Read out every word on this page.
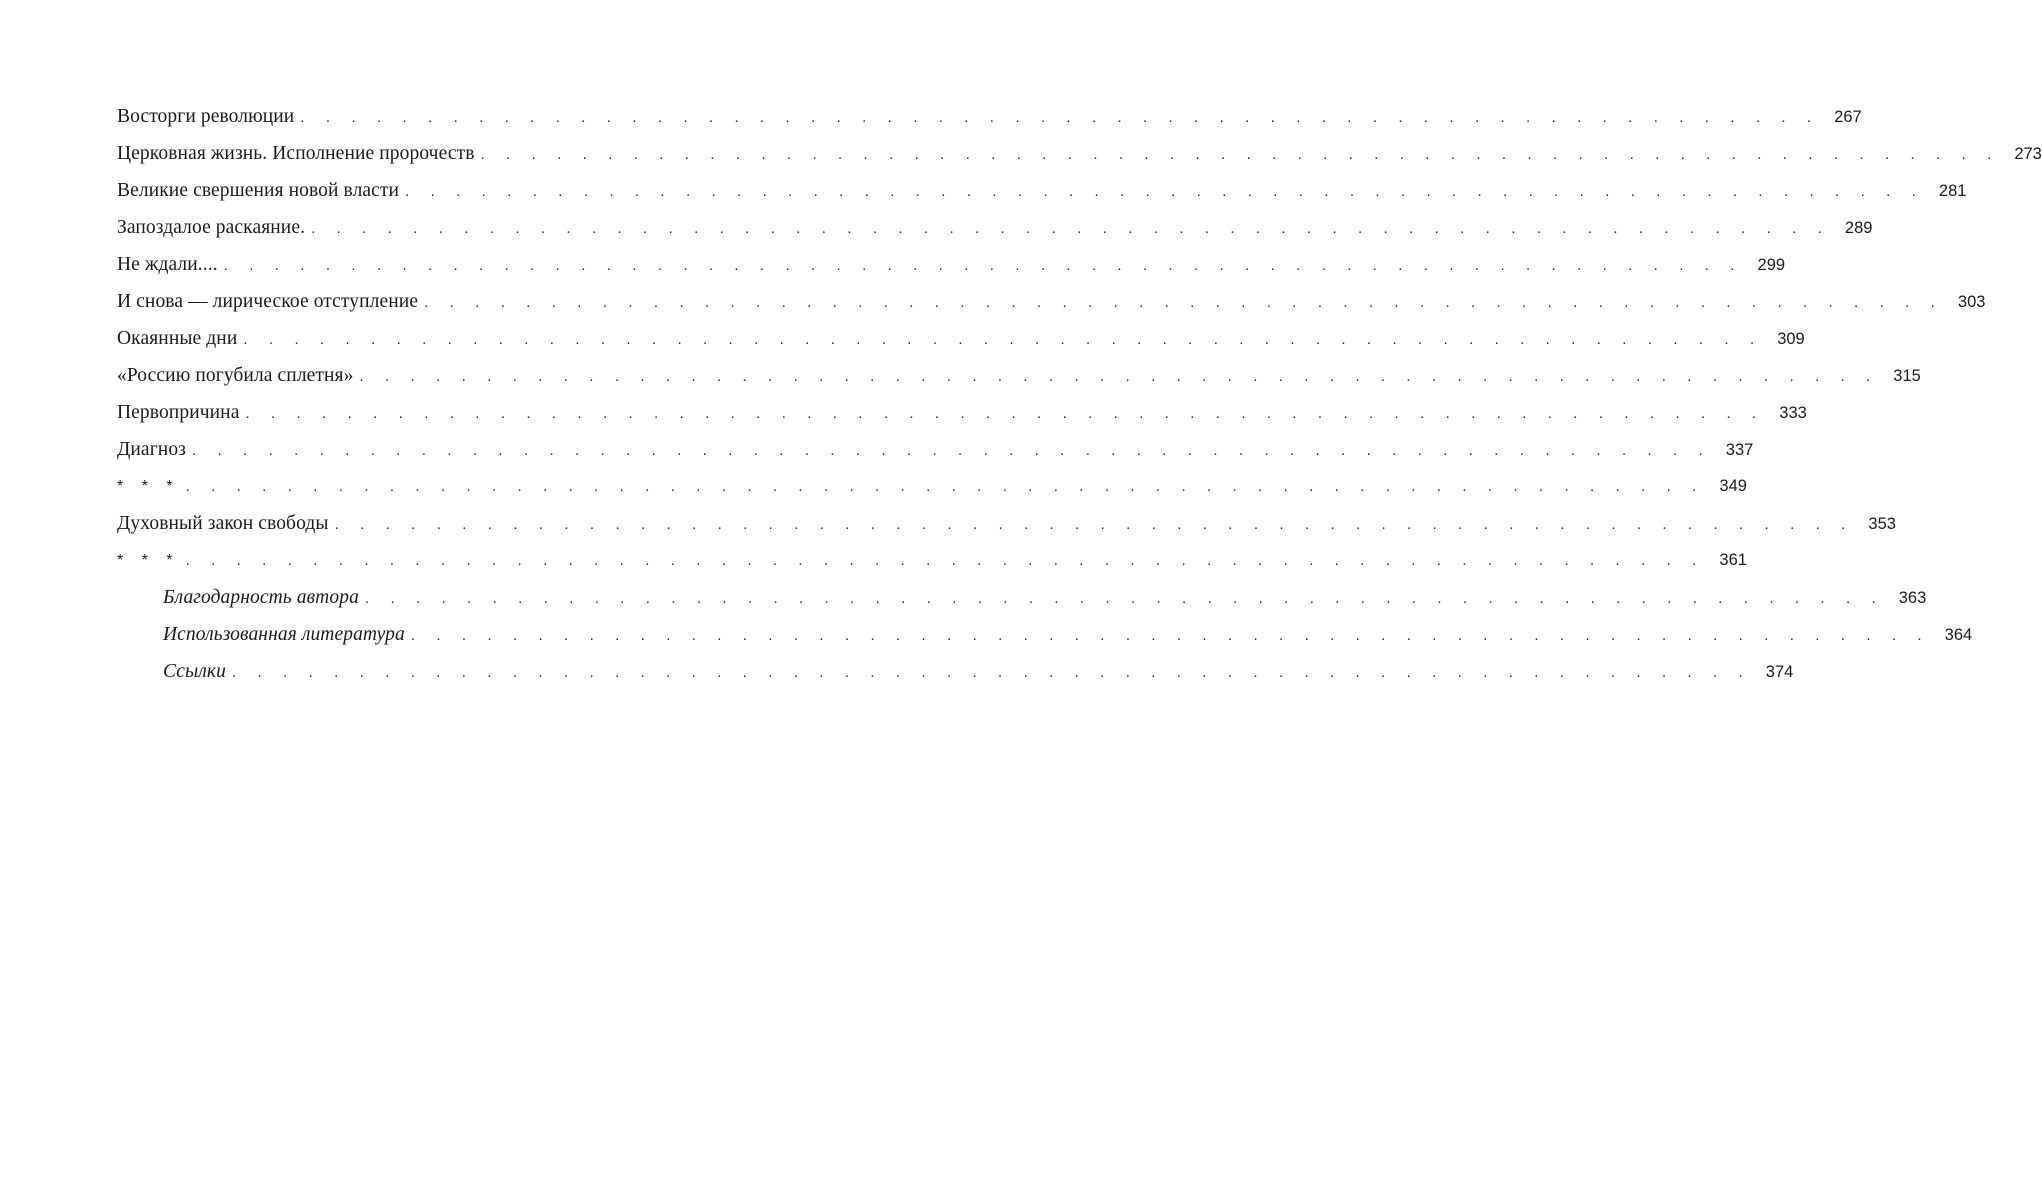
Восторги революции . . . . . . . . . . . . . . . . . . . . . . . . . . . . . . . . . . . . . . . . . . . . . . . . . . . . . . . . . . . . 267
Церковная жизнь. Исполнение пророчеств . . . . . . . . . . . . . . . . . . . . . . . . . . . . . . . . . . . . . . . . . . . . . . . . . . . . . . . . . . . . 273
Великие свершения новой власти . . . . . . . . . . . . . . . . . . . . . . . . . . . . . . . . . . . . . . . . . . . . . . . . . . . . . . . . . . . . 281
Запоздалое раскаяние. . . . . . . . . . . . . . . . . . . . . . . . . . . . . . . . . . . . . . . . . . . . . . . . . . . . . . . . . . . . . 289
Не ждали.... . . . . . . . . . . . . . . . . . . . . . . . . . . . . . . . . . . . . . . . . . . . . . . . . . . . . . . . . . . . . 299
И снова — лирическое отступление . . . . . . . . . . . . . . . . . . . . . . . . . . . . . . . . . . . . . . . . . . . . . . . . . . . . . . . . . . . . 303
Окаянные дни . . . . . . . . . . . . . . . . . . . . . . . . . . . . . . . . . . . . . . . . . . . . . . . . . . . . . . . . . . . . 309
«Россию погубила сплетня» . . . . . . . . . . . . . . . . . . . . . . . . . . . . . . . . . . . . . . . . . . . . . . . . . . . . . . . . . . . . 315
Первопричина . . . . . . . . . . . . . . . . . . . . . . . . . . . . . . . . . . . . . . . . . . . . . . . . . . . . . . . . . . . . 333
Диагноз . . . . . . . . . . . . . . . . . . . . . . . . . . . . . . . . . . . . . . . . . . . . . . . . . . . . . . . . . . . . 337
* * * . . . . . . . . . . . . . . . . . . . . . . . . . . . . . . . . . . . . . . . . . . . . . . . . . . . . . . . . . . . . 349
Духовный закон свободы . . . . . . . . . . . . . . . . . . . . . . . . . . . . . . . . . . . . . . . . . . . . . . . . . . . . . . . . . . . . 353
* * * . . . . . . . . . . . . . . . . . . . . . . . . . . . . . . . . . . . . . . . . . . . . . . . . . . . . . . . . . . . . 361
Благодарность автора . . . . . . . . . . . . . . . . . . . . . . . . . . . . . . . . . . . . . . . . . . . . . . . . . . . . . . . . . . . . 363
Использованная литература . . . . . . . . . . . . . . . . . . . . . . . . . . . . . . . . . . . . . . . . . . . . . . . . . . . . . . . . . . . . 364
Ссылки . . . . . . . . . . . . . . . . . . . . . . . . . . . . . . . . . . . . . . . . . . . . . . . . . . . . . . . . . . . . 374
